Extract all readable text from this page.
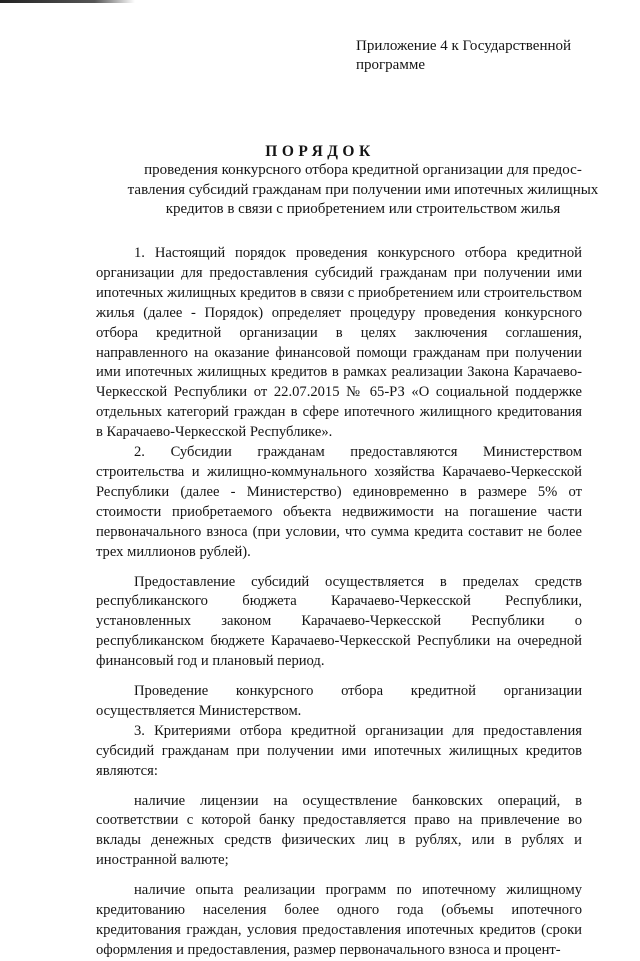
Приложение 4 к Государственной
программе
ПОРЯДОК
проведения конкурсного отбора кредитной организации для предос-
тавления субсидий гражданам при получении ими ипотечных жилищных
кредитов в связи с приобретением или строительством жилья

1. Настоящий порядок проведения конкурсного отбора кредитной организации для предоставления субсидий гражданам при получении ими ипотечных жилищных кредитов в связи с приобретением или строительством жилья (далее - Порядок) определяет процедуру проведения конкурсного отбора кредитной организации в целях заключения соглашения, направленного на оказание финансовой помощи гражданам при получении ими ипотечных жилищных кредитов в рамках реализации Закона Карачаево-Черкесской Республики от 22.07.2015 № 65-РЗ «О социальной поддержке отдельных категорий граждан в сфере ипотечного жилищного кредитования в Карачаево-Черкесской Республике».

2. Субсидии гражданам предоставляются Министерством строительства и жилищно-коммунального хозяйства Карачаево-Черкесской Республики (далее - Министерство) единовременно в размере 5% от стоимости приобретаемого объекта недвижимости на погашение части первоначального взноса (при условии, что сумма кредита составит не более трех миллионов рублей).

Предоставление субсидий осуществляется в пределах средств республиканского бюджета Карачаево-Черкесской Республики, установленных законом Карачаево-Черкесской Республики о республиканском бюджете Карачаево-Черкесской Республики на очередной финансовый год и плановый период.

Проведение конкурсного отбора кредитной организации осуществляется Министерством.

3. Критериями отбора кредитной организации для предоставления субсидий гражданам при получении ими ипотечных жилищных кредитов являются:

наличие лицензии на осуществление банковских операций, в соответствии с которой банку предоставляется право на привлечение во вклады денежных средств физических лиц в рублях, или в рублях и иностранной валюте;

наличие опыта реализации программ по ипотечному жилищному кредитованию населения более одного года (объемы ипотечного кредитования граждан, условия предоставления ипотечных кредитов (сроки оформления и предоставления, размер первоначального взноса и процент-
